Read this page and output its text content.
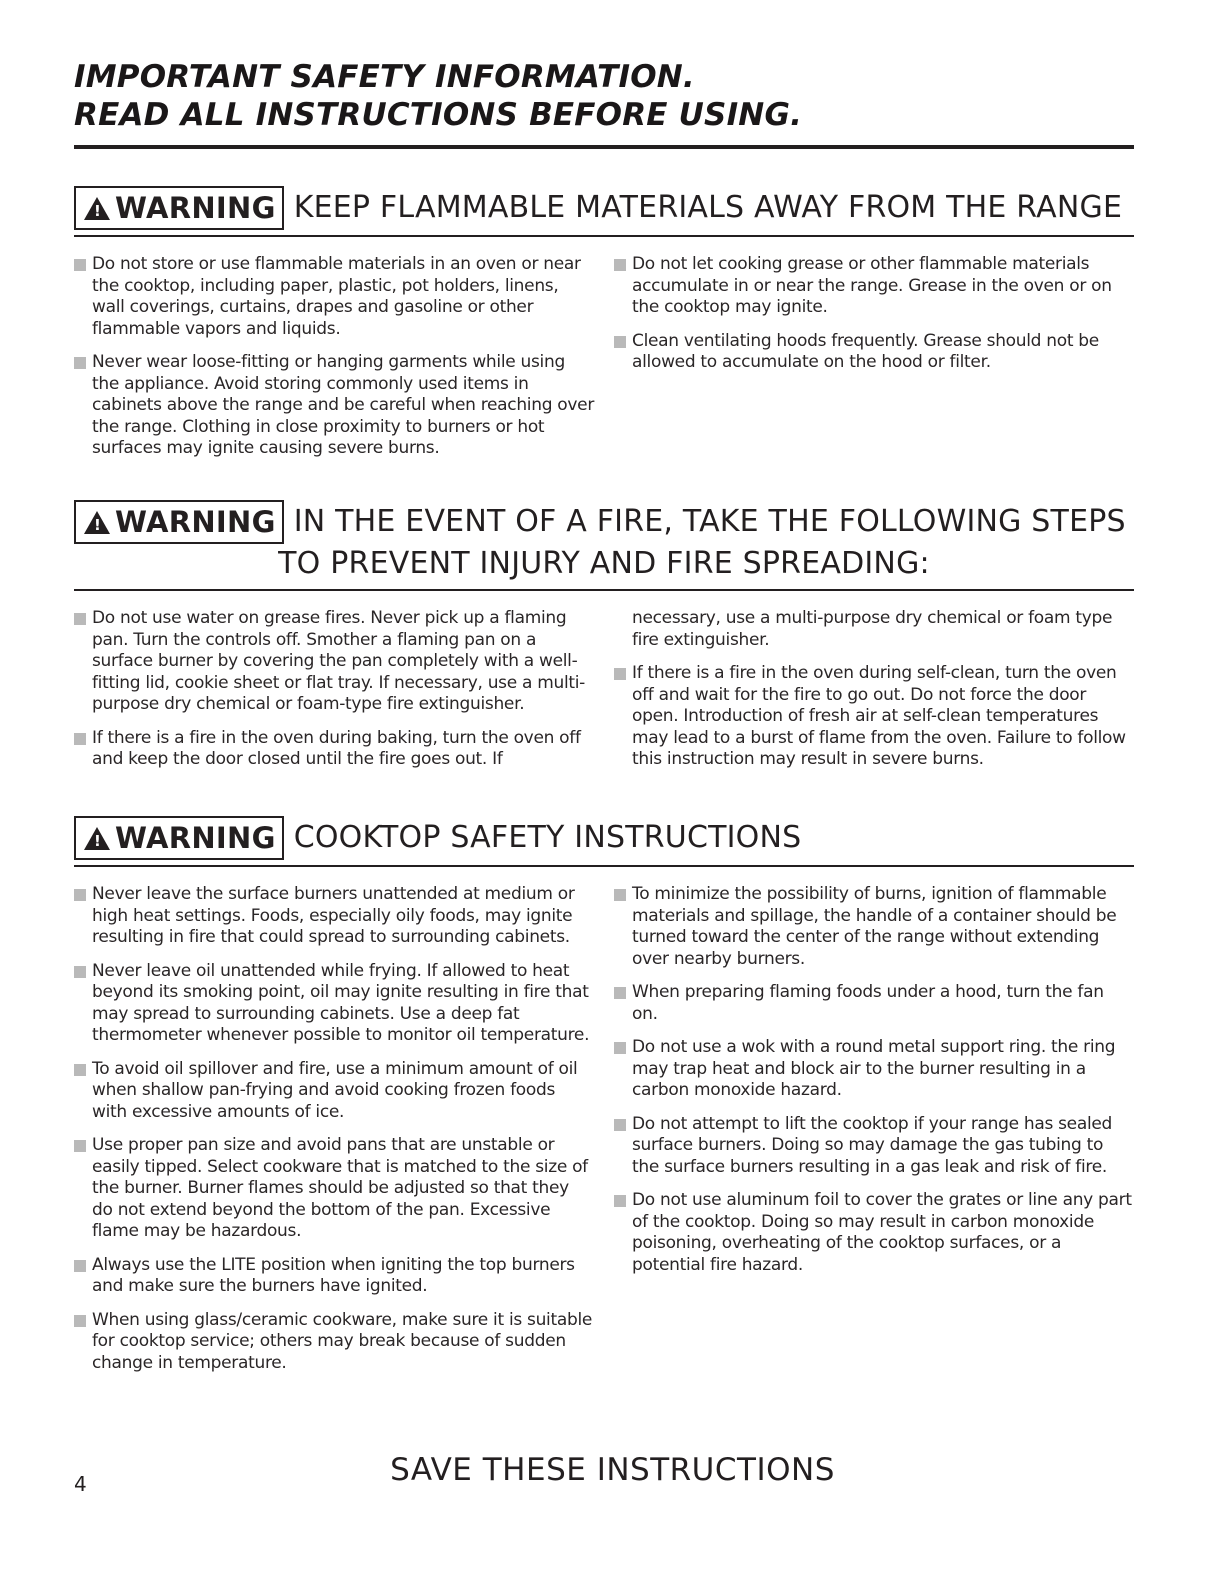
IMPORTANT SAFETY INFORMATION.
READ ALL INSTRUCTIONS BEFORE USING.
!
WARNING KEEP FLAMMABLE MATERIALS AWAY FROM THE RANGE
Do not store or use flammable materials in an oven or near the cooktop, including paper, plastic, pot holders, linens, wall coverings, curtains, drapes and gasoline or other flammable vapors and liquids.
Never wear loose-fitting or hanging garments while using the appliance. Avoid storing commonly used items in cabinets above the range and be careful when reaching over the range. Clothing in close proximity to burners or hot surfaces may ignite causing severe burns.
Do not let cooking grease or other flammable materials accumulate in or near the range. Grease in the oven or on the cooktop may ignite.
Clean ventilating hoods frequently. Grease should not be allowed to accumulate on the hood or filter.
!
WARNING IN THE EVENT OF A FIRE, TAKE THE FOLLOWING STEPS
TO PREVENT INJURY AND FIRE SPREADING:
Do not use water on grease fires. Never pick up a flaming pan. Turn the controls off. Smother a flaming pan on a surface burner by covering the pan completely with a well-fitting lid, cookie sheet or flat tray. If necessary, use a multi-purpose dry chemical or foam-type fire extinguisher.
If there is a fire in the oven during baking, turn the oven off and keep the door closed until the fire goes out. If
necessary, use a multi-purpose dry chemical or foam type fire extinguisher.
If there is a fire in the oven during self-clean, turn the oven off and wait for the fire to go out. Do not force the door open. Introduction of fresh air at self-clean temperatures may lead to a burst of flame from the oven. Failure to follow this instruction may result in severe burns.
!
WARNING COOKTOP SAFETY INSTRUCTIONS
Never leave the surface burners unattended at medium or high heat settings. Foods, especially oily foods, may ignite resulting in fire that could spread to surrounding cabinets.
Never leave oil unattended while frying. If allowed to heat beyond its smoking point, oil may ignite resulting in fire that may spread to surrounding cabinets. Use a deep fat thermometer whenever possible to monitor oil temperature.
To avoid oil spillover and fire, use a minimum amount of oil when shallow pan-frying and avoid cooking frozen foods with excessive amounts of ice.
Use proper pan size and avoid pans that are unstable or easily tipped. Select cookware that is matched to the size of the burner. Burner flames should be adjusted so that they do not extend beyond the bottom of the pan. Excessive flame may be hazardous.
Always use the LITE position when igniting the top burners and make sure the burners have ignited.
When using glass/ceramic cookware, make sure it is suitable for cooktop service; others may break because of sudden change in temperature.
To minimize the possibility of burns, ignition of flammable materials and spillage, the handle of a container should be turned toward the center of the range without extending over nearby burners.
When preparing flaming foods under a hood, turn the fan on.
Do not use a wok with a round metal support ring. the ring may trap heat and block air to the burner resulting in a carbon monoxide hazard.
Do not attempt to lift the cooktop if your range has sealed surface burners. Doing so may damage the gas tubing to the surface burners resulting in a gas leak and risk of fire.
Do not use aluminum foil to cover the grates or line any part of the cooktop. Doing so may result in carbon monoxide poisoning, overheating of the cooktop surfaces, or a potential fire hazard.
4	SAVE THESE INSTRUCTIONS
